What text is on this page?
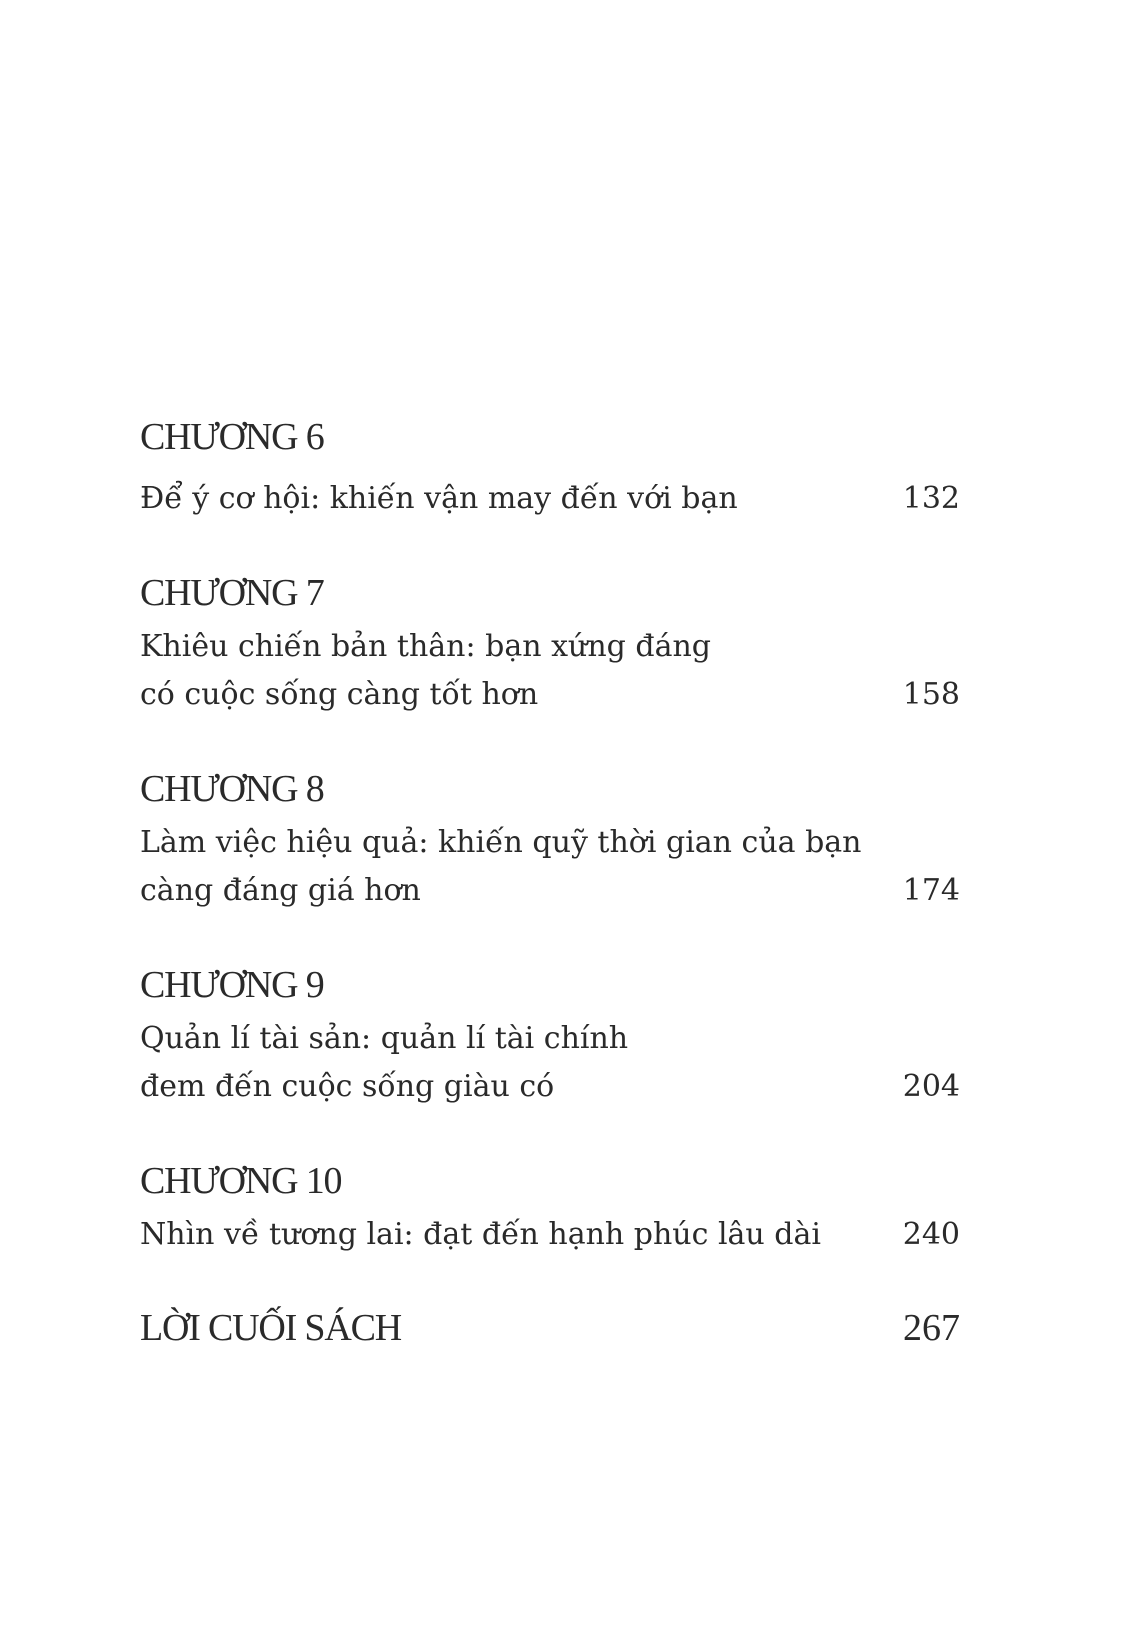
CHƯƠNG 6
Để ý cơ hội: khiến vận may đến với bạn	132
CHƯƠNG 7
Khiêu chiến bản thân: bạn xứng đáng
có cuộc sống càng tốt hơn	158
CHƯƠNG 8
Làm việc hiệu quả: khiến quỹ thời gian của bạn
càng đáng giá hơn	174
CHƯƠNG 9
Quản lí tài sản: quản lí tài chính
đem đến cuộc sống giàu có	204
CHƯƠNG 10
Nhìn về tương lai: đạt đến hạnh phúc lâu dài	240
LỜI CUỐI SÁCH	267
